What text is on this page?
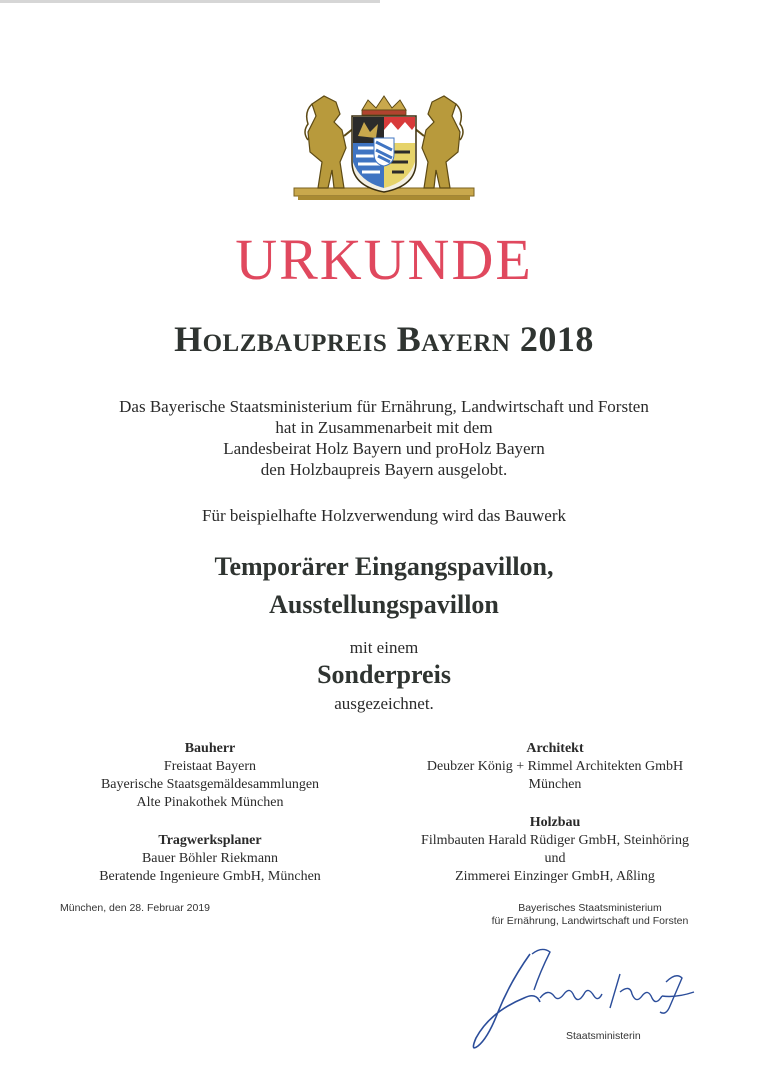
URKUNDE
Holzbaupreis Bayern 2018
Das Bayerische Staatsministerium für Ernährung, Landwirtschaft und Forsten
hat in Zusammenarbeit mit dem
Landesbeirat Holz Bayern und proHolz Bayern
den Holzbaupreis Bayern ausgelobt.
Für beispielhafte Holzverwendung wird das Bauwerk
Temporärer Eingangspavillon,
Ausstellungspavillon
mit einem
Sonderpreis
ausgezeichnet.
Bauherr
Freistaat Bayern
Bayerische Staatsgemäldesammlungen
Alte Pinakothek München
Tragwerksplaner
Bauer Böhler Riekmann
Beratende Ingenieure GmbH, München
Architekt
Deubzer König + Rimmel Architekten GmbH
München
Holzbau
Filmbauten Harald Rüdiger GmbH, Steinhöring
und
Zimmerei Einzinger GmbH, Aßling
München, den 28. Februar 2019	Bayerisches Staatsministerium
für Ernährung, Landwirtschaft und Forsten
Staatsministerin
